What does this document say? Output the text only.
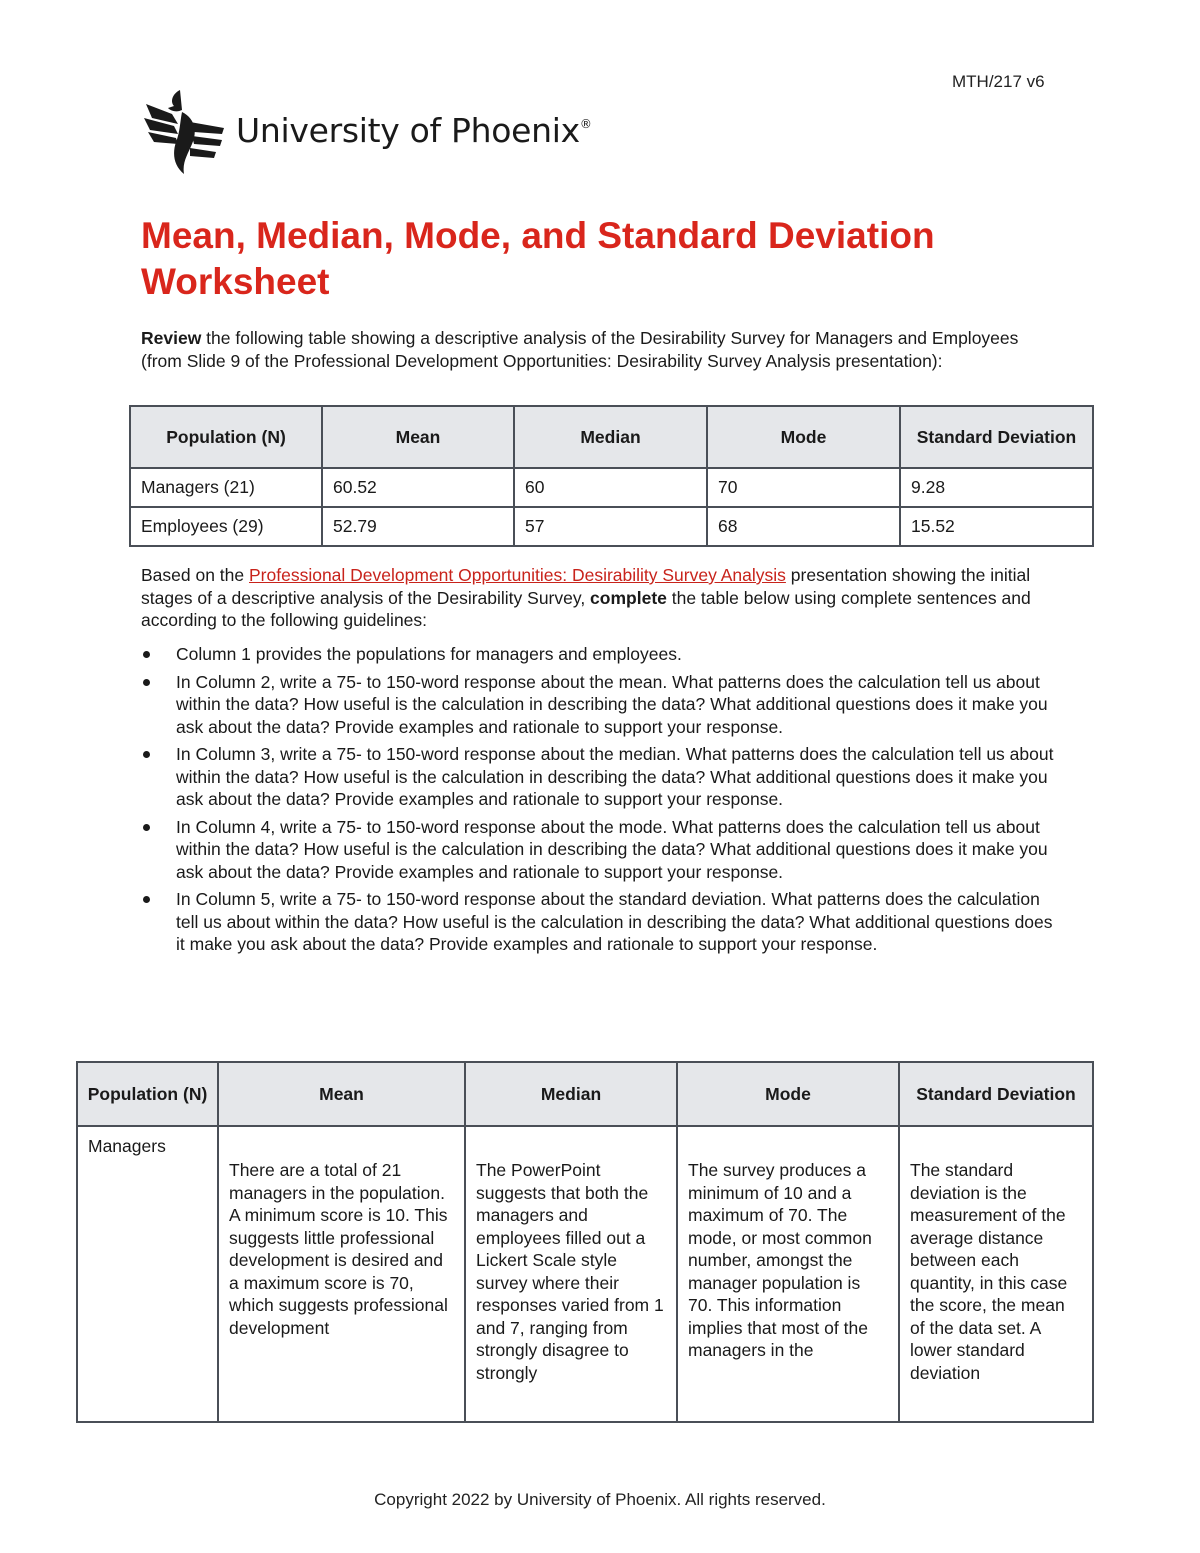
MTH/217 v6
University of Phoenix®
Mean, Median, Mode, and Standard Deviation Worksheet

Review the following table showing a descriptive analysis of the Desirability Survey for Managers and Employees (from Slide 9 of the Professional Development Opportunities: Desirability Survey Analysis presentation):

Population (N)	Mean	Median	Mode	Standard Deviation
Managers (21)	60.52	60	70	9.28
Employees (29)	52.79	57	68	15.52

Based on the Professional Development Opportunities: Desirability Survey Analysis presentation showing the initial stages of a descriptive analysis of the Desirability Survey, complete the table below using complete sentences and according to the following guidelines:

Column 1 provides the populations for managers and employees.
In Column 2, write a 75- to 150-word response about the mean. What patterns does the calculation tell us about within the data? How useful is the calculation in describing the data? What additional questions does it make you ask about the data? Provide examples and rationale to support your response.
In Column 3, write a 75- to 150-word response about the median. What patterns does the calculation tell us about within the data? How useful is the calculation in describing the data? What additional questions does it make you ask about the data? Provide examples and rationale to support your response.
In Column 4, write a 75- to 150-word response about the mode. What patterns does the calculation tell us about within the data? How useful is the calculation in describing the data? What additional questions does it make you ask about the data? Provide examples and rationale to support your response.
In Column 5, write a 75- to 150-word response about the standard deviation. What patterns does the calculation tell us about within the data? How useful is the calculation in describing the data? What additional questions does it make you ask about the data? Provide examples and rationale to support your response.
Population (N)	Mean	Median	Mode	Standard Deviation
Managers	There are a total of 21 managers in the population. A minimum score is 10. This suggests little professional development is desired and a maximum score is 70, which suggests professional development	The PowerPoint suggests that both the managers and employees filled out a Lickert Scale style survey where their responses varied from 1 and 7, ranging from strongly disagree to strongly	The survey produces a minimum of 10 and a maximum of 70. The mode, or most common number, amongst the manager population is 70. This information implies that most of the managers in the	The standard deviation is the measurement of the average distance between each quantity, in this case the score, the mean of the data set. A lower standard deviation
Copyright 2022 by University of Phoenix. All rights reserved.
